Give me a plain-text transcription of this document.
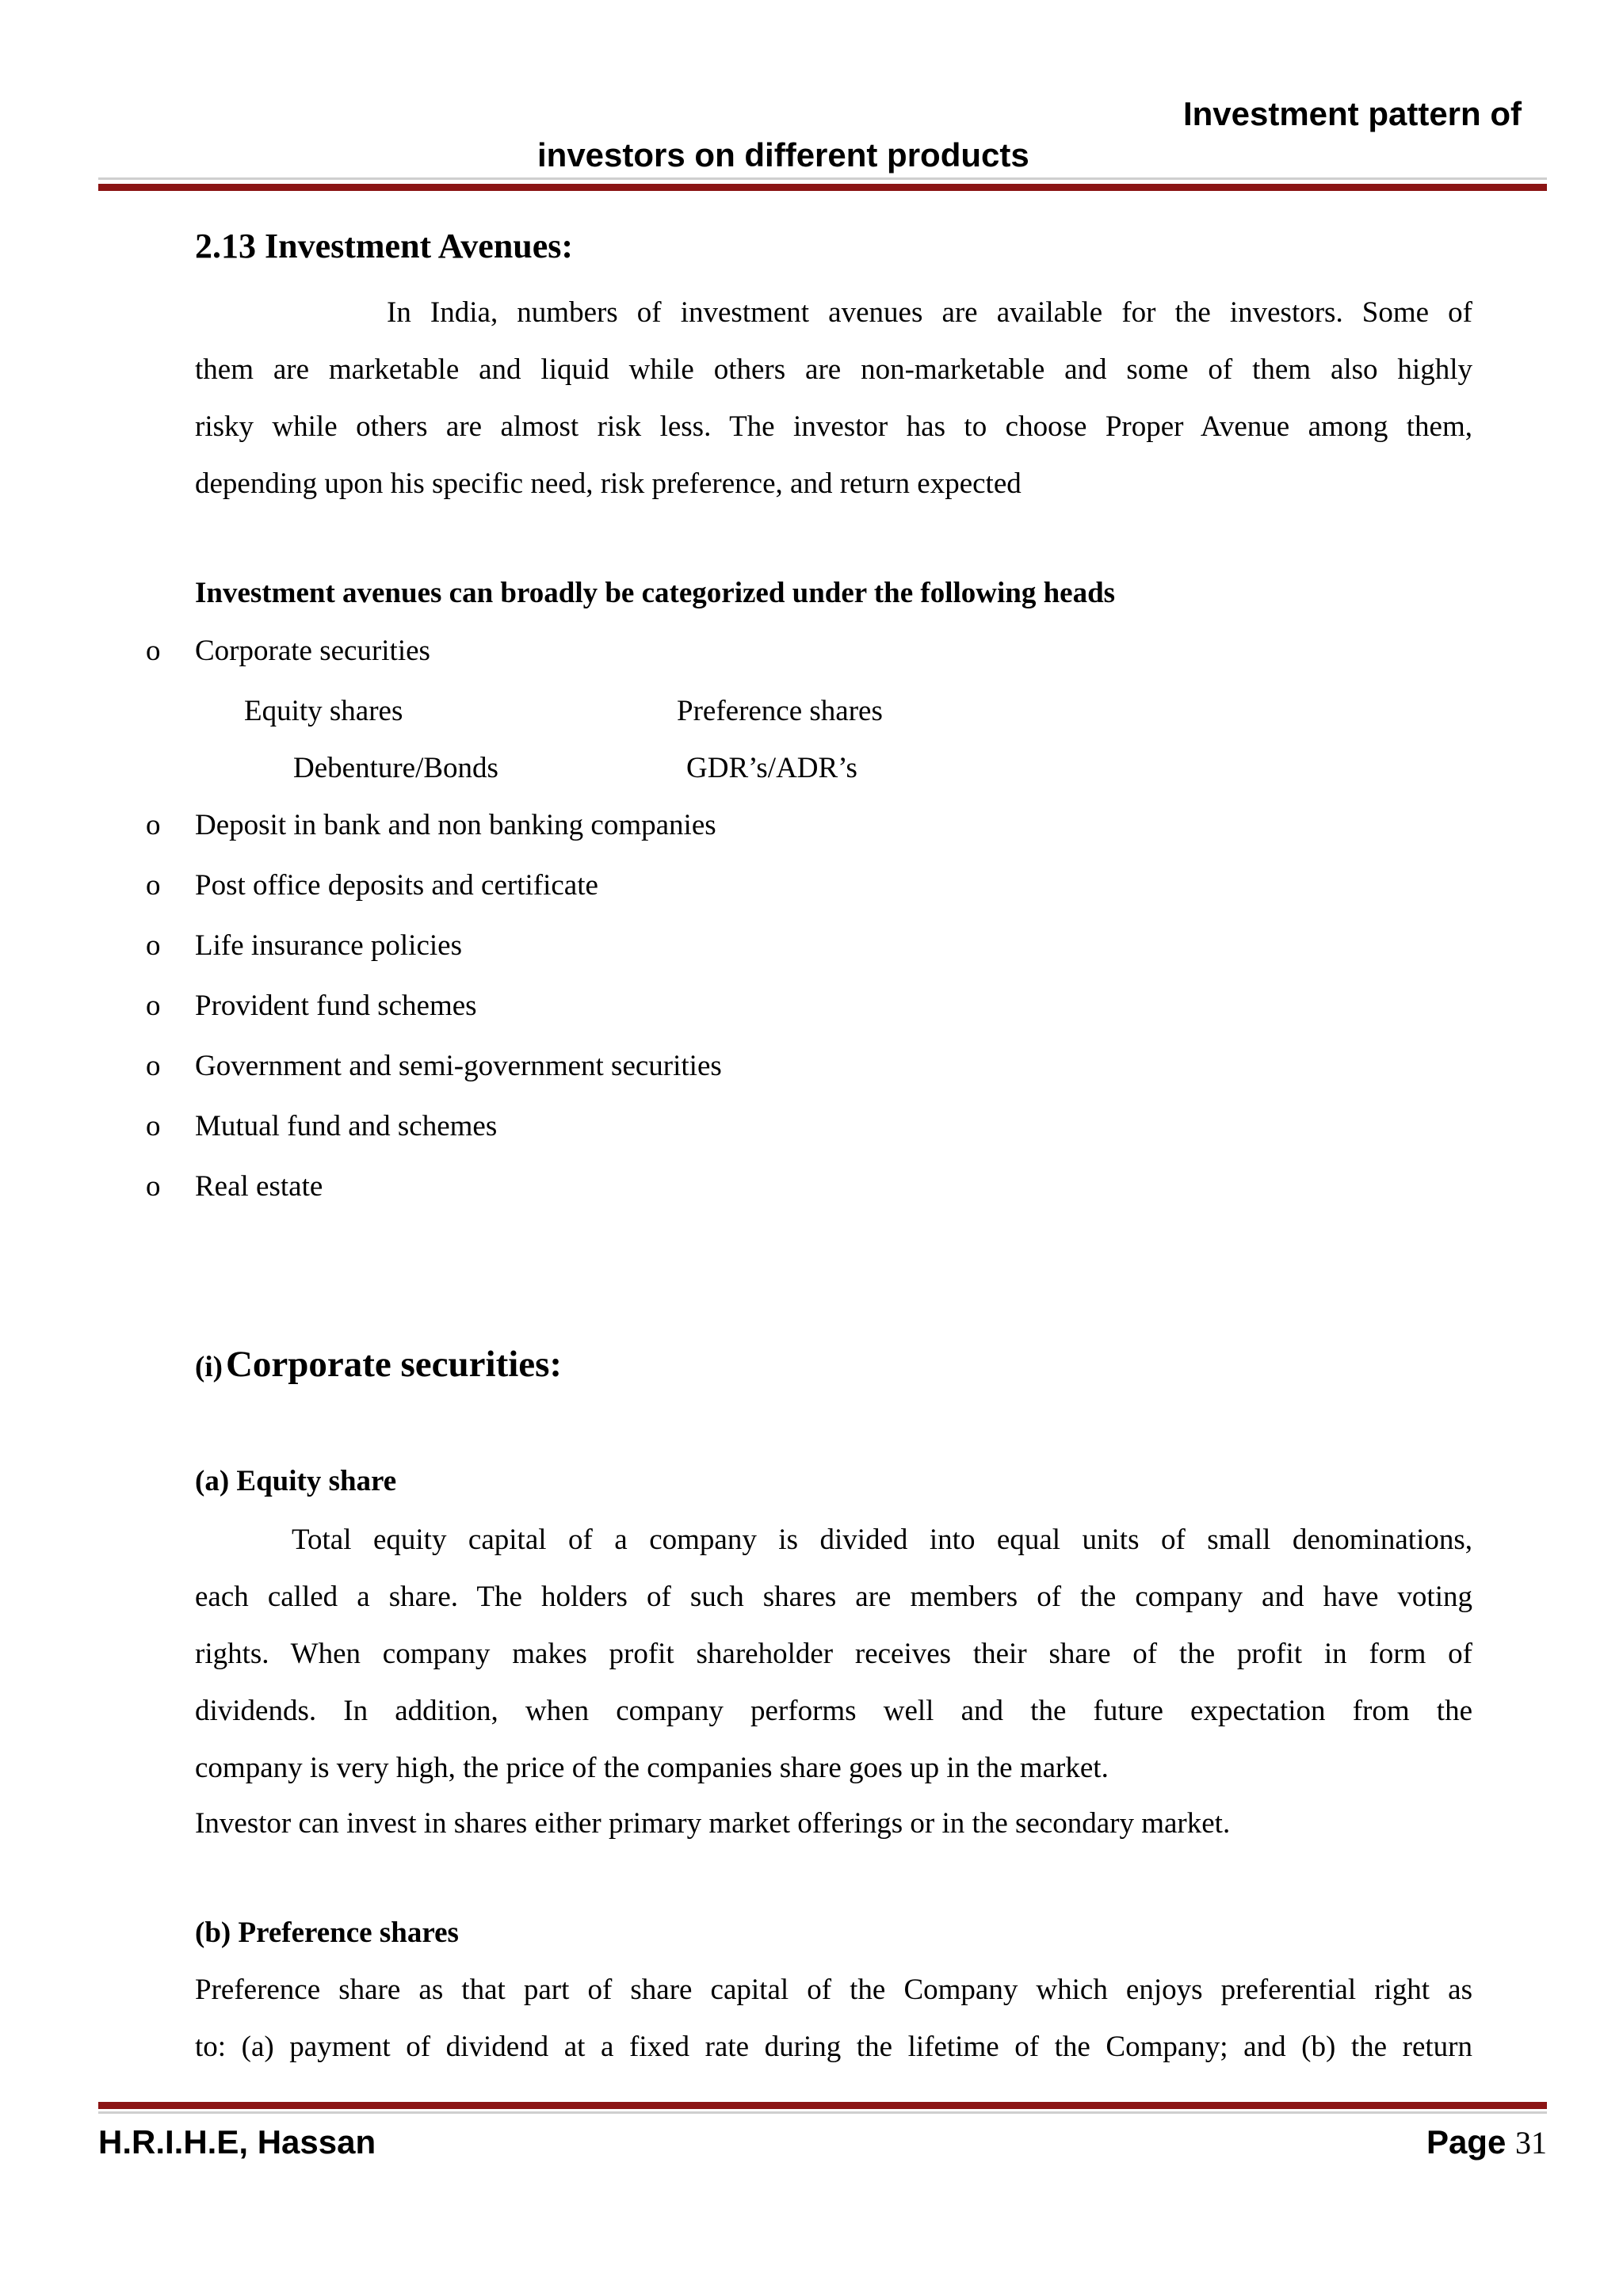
Investment pattern of
investors on different products
2.13 Investment Avenues:
In India, numbers of investment avenues are available for the investors. Some of
them are marketable and liquid while others are non-marketable and some of them also highly
risky while others are almost risk less. The investor has to choose Proper Avenue among them,
depending upon his specific need, risk preference, and return expected
Investment avenues can broadly be categorized under the following heads
o Corporate securities
Equity shares	Preference shares
Debenture/Bonds	GDR’s/ADR’s
o Deposit in bank and non banking companies
o Post office deposits and certificate
o Life insurance policies
o Provident fund schemes
o Government and semi-government securities
o Mutual fund and schemes
o Real estate
(i) Corporate securities:
(a) Equity share
Total equity capital of a company is divided into equal units of small denominations,
each called a share. The holders of such shares are members of the company and have voting
rights. When company makes profit shareholder receives their share of the profit in form of
dividends. In addition, when company performs well and the future expectation from the
company is very high, the price of the companies share goes up in the market.
Investor can invest in shares either primary market offerings or in the secondary market.
(b) Preference shares
Preference share as that part of share capital of the Company which enjoys preferential right as
to: (a) payment of dividend at a fixed rate during the lifetime of the Company; and (b) the return
H.R.I.H.E, Hassan	Page 31
